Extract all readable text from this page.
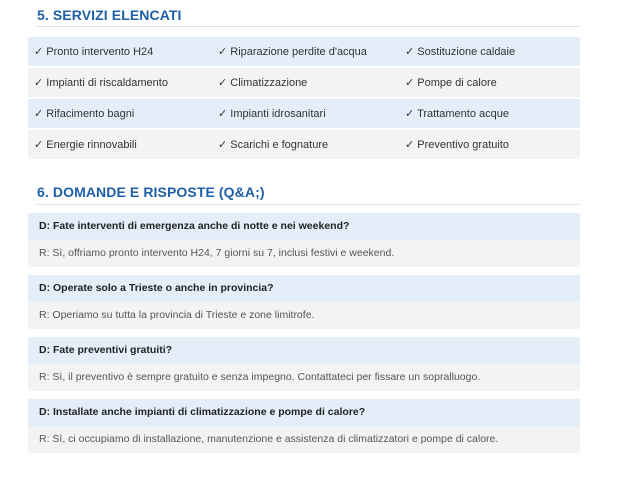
5. SERVIZI ELENCATI
✓ Pronto intervento H24	✓ Riparazione perdite d'acqua	✓ Sostituzione caldaie
✓ Impianti di riscaldamento	✓ Climatizzazione	✓ Pompe di calore
✓ Rifacimento bagni	✓ Impianti idrosanitari	✓ Trattamento acque
✓ Energie rinnovabili	✓ Scarichi e fognature	✓ Preventivo gratuito
6. DOMANDE E RISPOSTE (Q&A;)
D: Fate interventi di emergenza anche di notte e nei weekend?
R: Sì, offriamo pronto intervento H24, 7 giorni su 7, inclusi festivi e weekend.
D: Operate solo a Trieste o anche in provincia?
R: Operiamo su tutta la provincia di Trieste e zone limitrofe.
D: Fate preventivi gratuiti?
R: Sì, il preventivo è sempre gratuito e senza impegno. Contattateci per fissare un sopralluogo.
D: Installate anche impianti di climatizzazione e pompe di calore?
R: Sì, ci occupiamo di installazione, manutenzione e assistenza di climatizzatori e pompe di calore.
